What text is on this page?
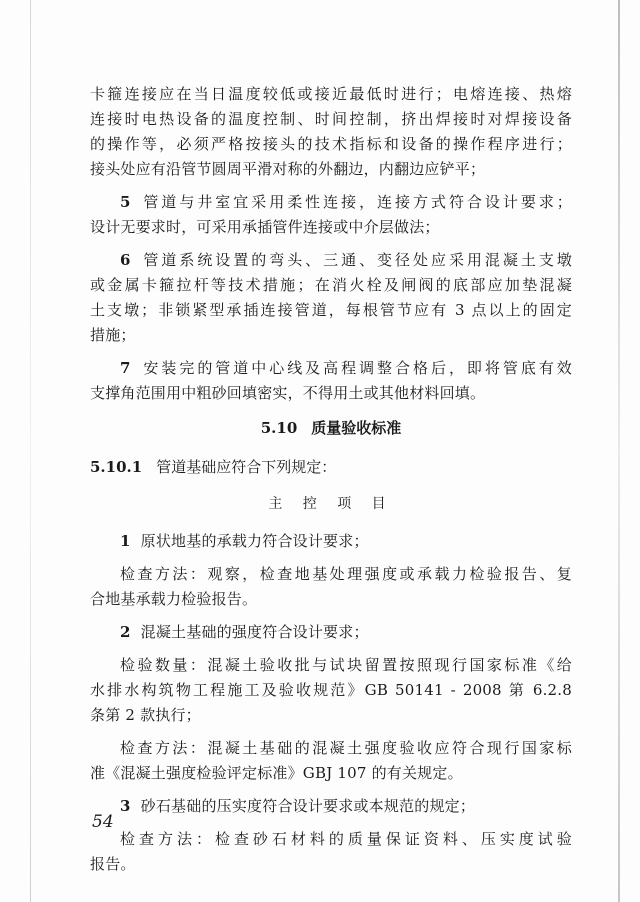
卡箍连接应在当日温度较低或接近最低时进行；电熔连接、热熔
连接时电热设备的温度控制、时间控制，挤出焊接时对焊接设备
的操作等，必须严格按接头的技术指标和设备的操作程序进行；
接头处应有沿管节圆周平滑对称的外翻边，内翻边应铲平；
5 管道与井室宜采用柔性连接，连接方式符合设计要求；
设计无要求时，可采用承插管件连接或中介层做法；
6 管道系统设置的弯头、三通、变径处应采用混凝土支墩
或金属卡箍拉杆等技术措施；在消火栓及闸阀的底部应加垫混凝
土支墩；非锁紧型承插连接管道，每根管节应有 3 点以上的固定
措施；
7 安装完的管道中心线及高程调整合格后，即将管底有效
支撑角范围用中粗砂回填密实，不得用土或其他材料回填。
5.10 质量验收标准
5.10.1 管道基础应符合下列规定：
主 控 项 目
1 原状地基的承载力符合设计要求；
检查方法：观察，检查地基处理强度或承载力检验报告、复
合地基承载力检验报告。
2 混凝土基础的强度符合设计要求；
检验数量：混凝土验收批与试块留置按照现行国家标准《给
水排水构筑物工程施工及验收规范》GB 50141 - 2008 第 6.2.8
条第 2 款执行；
检查方法：混凝土基础的混凝土强度验收应符合现行国家标
准《混凝土强度检验评定标准》GBJ 107 的有关规定。
3 砂石基础的压实度符合设计要求或本规范的规定；
检查方法：检查砂石材料的质量保证资料、压实度试验
报告。
54
